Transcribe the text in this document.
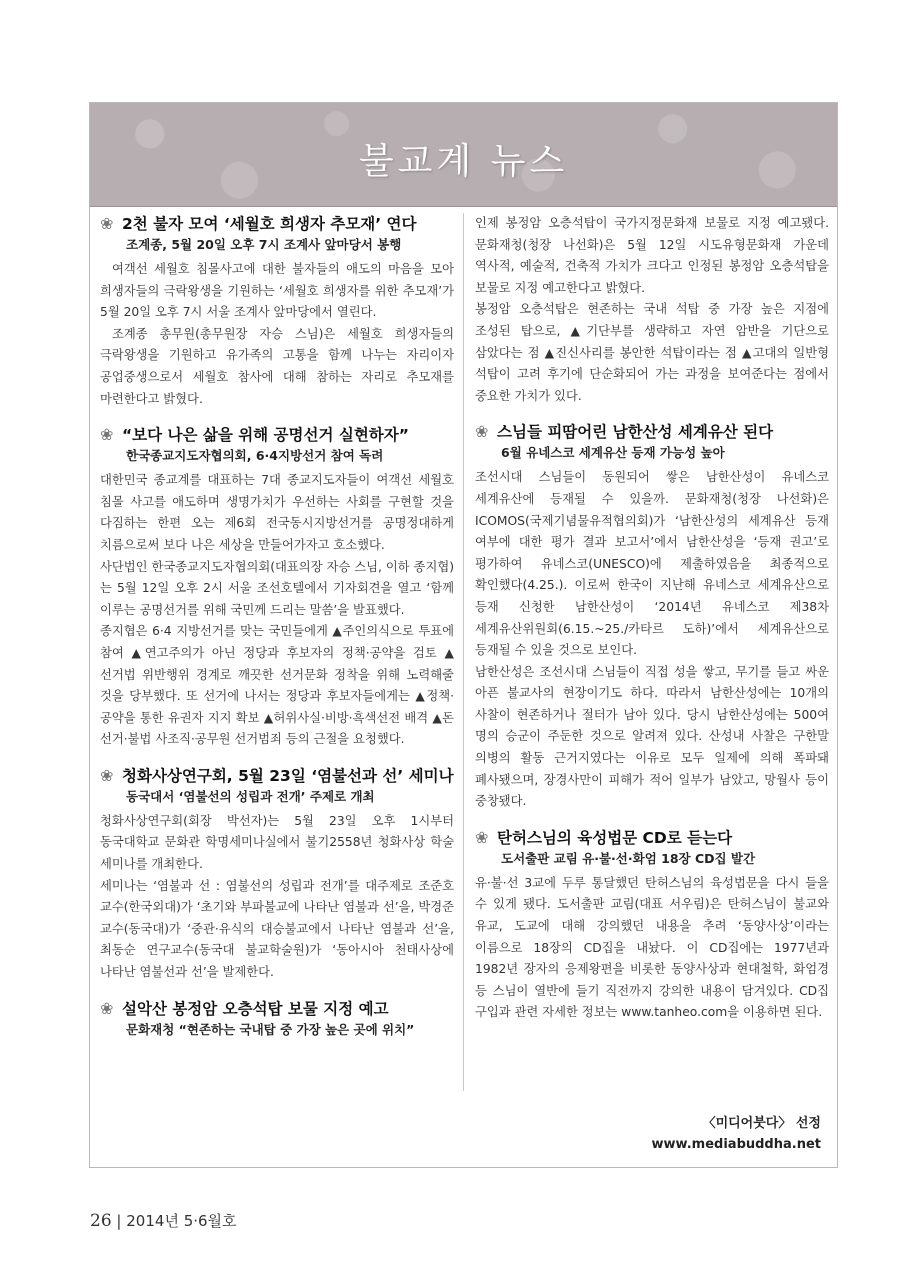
불교계 뉴스
❀ 2천 불자 모여 ‘세월호 희생자 추모재’ 연다
조계종, 5월 20일 오후 7시 조계사 앞마당서 봉행

여객선 세월호 침몰사고에 대한 불자들의 애도의 마음을 모아 희생자들의 극락왕생을 기원하는 ‘세월호 희생자를 위한 추모재’가 5월 20일 오후 7시 서울 조계사 앞마당에서 열린다.

조계종 총무원(총무원장 자승 스님)은 세월호 희생자들의 극락왕생을 기원하고 유가족의 고통을 함께 나누는 자리이자 공업중생으로서 세월호 참사에 대해 참하는 자리로 추모재를 마련한다고 밝혔다.

❀ “보다 나은 삶을 위해 공명선거 실현하자”
한국종교지도자협의회, 6·4지방선거 참여 독려

대한민국 종교계를 대표하는 7대 종교지도자들이 여객선 세월호 침몰 사고를 애도하며 생명가치가 우선하는 사회를 구현할 것을 다짐하는 한편 오는 제6회 전국동시지방선거를 공명정대하게 치름으로써 보다 나은 세상을 만들어가자고 호소했다.

사단법인 한국종교지도자협의회(대표의장 자승 스님, 이하 종지협)는 5월 12일 오후 2시 서울 조선호텔에서 기자회견을 열고 ‘함께 이루는 공명선거를 위해 국민께 드리는 말씀’을 발표했다.

종지협은 6·4 지방선거를 맞는 국민들에게 ▲주인의식으로 투표에 참여 ▲연고주의가 아닌 정당과 후보자의 정책·공약을 검토 ▲선거법 위반행위 경계로 깨끗한 선거문화 정착을 위해 노력해줄 것을 당부했다. 또 선거에 나서는 정당과 후보자들에게는 ▲정책·공약을 통한 유권자 지지 확보 ▲허위사실·비방·흑색선전 배격 ▲돈 선거·불법 사조직·공무원 선거범죄 등의 근절을 요청했다.

❀ 청화사상연구회, 5월 23일 ‘염불선과 선’ 세미나
동국대서 ‘염불선의 성립과 전개’ 주제로 개최

청화사상연구회(회장 박선자)는 5월 23일 오후 1시부터 동국대학교 문화관 학명세미나실에서 불기2558년 청화사상 학술 세미나를 개최한다.

세미나는 ‘염불과 선 : 염불선의 성립과 전개’를 대주제로 조준호 교수(한국외대)가 ‘초기와 부파불교에 나타난 염불과 선’을, 박경준 교수(동국대)가 ‘중관·유식의 대승불교에서 나타난 염불과 선’을, 최동순 연구교수(동국대 불교학술원)가 ‘동아시아 천태사상에 나타난 염불선과 선’을 발제한다.

❀ 설악산 봉정암 오층석탑 보물 지정 예고
문화재청 “현존하는 국내탑 중 가장 높은 곳에 위치”

인제 봉정암 오층석탑이 국가지정문화재 보물로 지정 예고됐다. 문화재청(청장 나선화)은 5월 12일 시도유형문화재 가운데 역사적, 예술적, 건축적 가치가 크다고 인정된 봉정암 오층석탑을 보물로 지정 예고한다고 밝혔다.

봉정암 오층석탑은 현존하는 국내 석탑 중 가장 높은 지점에 조성된 탑으로, ▲기단부를 생략하고 자연 암반을 기단으로 삼았다는 점 ▲진신사리를 봉안한 석탑이라는 점 ▲고대의 일반형 석탑이 고려 후기에 단순화되어 가는 과정을 보여준다는 점에서 중요한 가치가 있다.

❀ 스님들 피땀어린 남한산성 세계유산 된다
6월 유네스코 세계유산 등재 가능성 높아

조선시대 스님들이 동원되어 쌓은 남한산성이 유네스코 세계유산에 등재될 수 있을까. 문화재청(청장 나선화)은 ICOMOS(국제기념물유적협의회)가 ‘남한산성의 세계유산 등재 여부에 대한 평가 결과 보고서’에서 남한산성을 ‘등재 권고’로 평가하여 유네스코(UNESCO)에 제출하였음을 최종적으로 확인했다(4.25.). 이로써 한국이 지난해 유네스코 세계유산으로 등재 신청한 남한산성이 ‘2014년 유네스코 제38차 세계유산위원회(6.15.~25./카타르 도하)’에서 세계유산으로 등재될 수 있을 것으로 보인다.

남한산성은 조선시대 스님들이 직접 성을 쌓고, 무기를 들고 싸운 아픈 불교사의 현장이기도 하다. 따라서 남한산성에는 10개의 사찰이 현존하거나 절터가 남아 있다. 당시 남한산성에는 500여 명의 승군이 주둔한 것으로 알려져 있다. 산성내 사찰은 구한말 의병의 활동 근거지였다는 이유로 모두 일제에 의해 폭파돼 폐사됐으며, 장경사만이 피해가 적어 일부가 남았고, 망월사 등이 중창됐다.

❀ 탄허스님의 육성법문 CD로 듣는다
도서출판 교림 유·불·선·화엄 18장 CD집 발간

유·불·선 3교에 두루 통달했던 탄허스님의 육성법문을 다시 들을 수 있게 됐다. 도서출판 교림(대표 서우림)은 탄허스님이 불교와 유교, 도교에 대해 강의했던 내용을 추려 ‘동양사상’이라는 이름으로 18장의 CD집을 내놨다. 이 CD집에는 1977년과 1982년 장자의 응제왕편을 비롯한 동양사상과 현대철학, 화엄경 등 스님이 열반에 들기 직전까지 강의한 내용이 담겨있다. CD집 구입과 관련 자세한 정보는 www.tanheo.com을 이용하면 된다.

〈미디어붓다〉 선정
www.mediabuddha.net
26 | 2014년 5·6월호
